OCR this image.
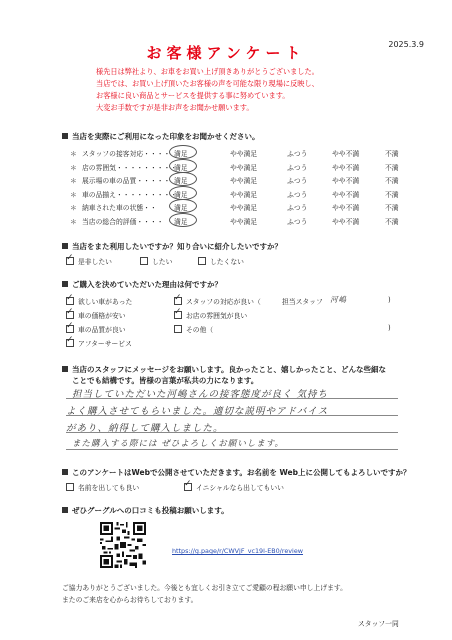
2025.3.9
お客様アンケート
様先日は弊社より、お車をお買い上げ頂きありがとうございました。
当店では、お買い上げ頂いたお客様の声を可能な限り現場に反映し、
お客様に良い商品とサービスを提供する事に努めています。
大変お手数ですが是非お声をお聞かせ願います。
当店を実際にご利用になった印象をお聞かせください。
＊ スタッフの接客対応・・・・ 満足	やや満足	ふつう	やや不満	不満
＊ 店の雰囲気・・・・・・・・・
満足	やや満足	ふつう	やや不満	不満
＊ 展示場の車の品質・・・・・ 満足	やや満足	ふつう	やや不満	不満
＊ 車の品揃え・・・・・・・・・
満足	やや満足	ふつう	やや不満	不満
＊ 納車された車の状態・・	満足	やや満足	ふつう	やや不満	不満
＊ 当店の総合的評価・・・・ 満足	やや満足	ふつう	やや不満	不満
当店をまた利用したいですか？知り合いに紹介したいですか？
✓是非したい	したい	したくない
ご購入を決めていただいた理由は何ですか？
✓欲しい車があった
✓車の価格が安い
✓車の品質が良い
✓アフターサービス
✓スタッフの対応が良い（	担当スタッフ 河嶋	)
✓お店の雰囲気が良い
その他（	)
当店のスタッフにメッセージをお願いします。良かったこと、嬉しかったこと、どんな些細な
ことでも結構です。皆様の言葉が私共の力になります。
担当していただいた河嶋さんの接客態度が良く 気持ち
よく購入させてもらいました。適切な説明やアドバイス
があり、納得して購入しました。
また購入する際には ぜひよろしくお願いします。
このアンケートはWebで公開させていただきます。お名前を Web上に公開してもよろしいですか？
名前を出しても良い
✓	イニシャルなら出してもいい
ぜひグーグルへの口コミも投稿お願いします。
https://g.page/r/CWVjF_vc19l-EB0/review
ご協力ありがとうございました。今後とも宜しくお引き立てご愛顧の程お願い申し上げます。
またのご来店を心からお待ちしております。
スタッフ一同
